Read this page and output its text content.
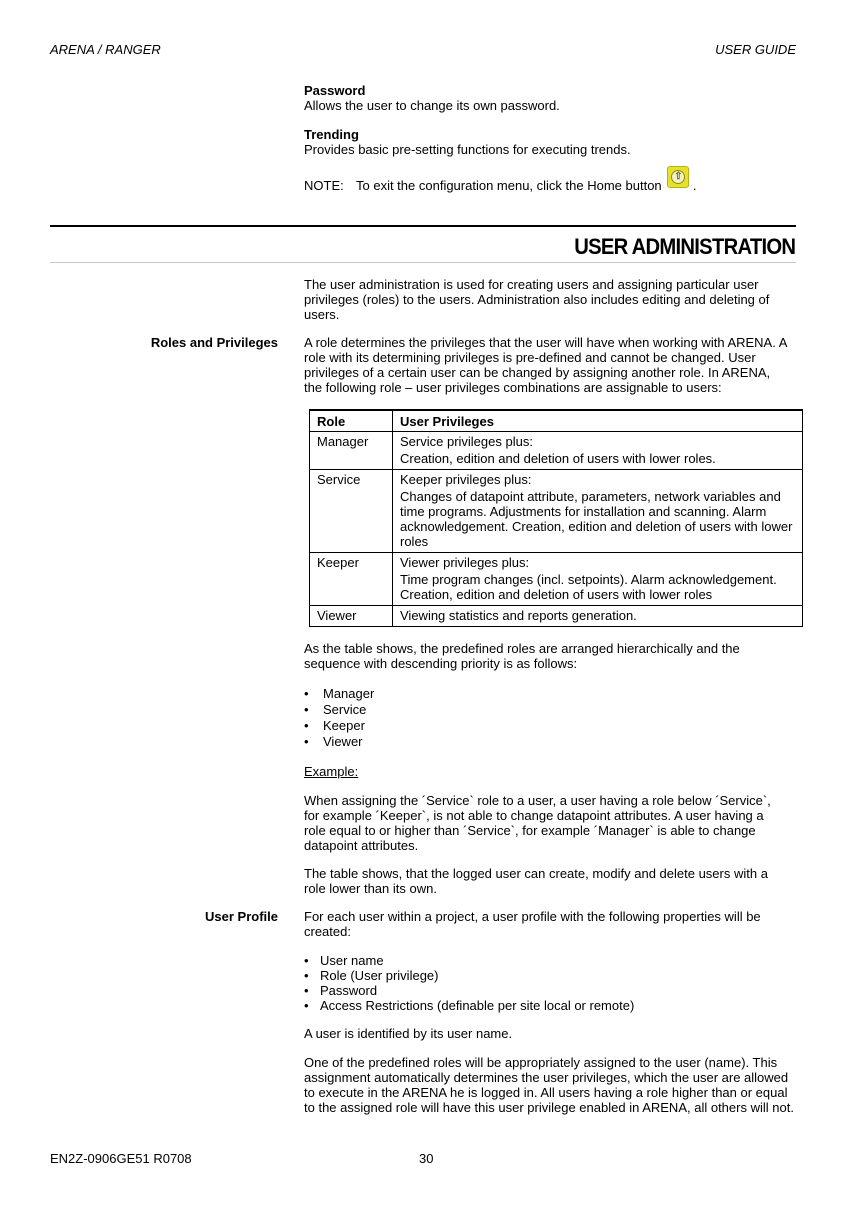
ARENA / RANGER	USER GUIDE

Password

Allows the user to change its own password.

Trending

Provides basic pre-setting functions for executing trends.

NOTE: To exit the configuration menu, click the Home button
⇧
.
USER ADMINISTRATION

The user administration is used for creating users and assigning particular user privileges (roles) to the users. Administration also includes editing and deleting of users.

Roles and Privileges A role determines the privileges that the user will have when working with ARENA. A role with its determining privileges is pre-defined and cannot be changed. User privileges of a certain user can be changed by assigning another role. In ARENA, the following role – user privileges combinations are assignable to users:

Role	User Privileges
Manager	Service privileges plus:

Creation, edition and deletion of users with lower roles.

Service	Keeper privileges plus:

Changes of datapoint attribute, parameters, network variables and time programs. Adjustments for installation and scanning. Alarm acknowledgement. Creation, edition and deletion of users with lower roles

Keeper	Viewer privileges plus:

Time program changes (incl. setpoints). Alarm acknowledgement. Creation, edition and deletion of users with lower roles

Viewer	Viewing statistics and reports generation.

As the table shows, the predefined roles are arranged hierarchically and the sequence with descending priority is as follows:

• Manager
• Service
• Keeper
• Viewer

Example:

When assigning the ´Service` role to a user, a user having a role below ´Service`, for example ´Keeper`, is not able to change datapoint attributes. A user having a role equal to or higher than ´Service`, for example ´Manager` is able to change datapoint attributes.

The table shows, that the logged user can create, modify and delete users with a role lower than its own.

User Profile For each user within a project, a user profile with the following properties will be created:

• User name
• Role (User privilege)
• Password
• Access Restrictions (definable per site local or remote)

A user is identified by its user name.

One of the predefined roles will be appropriately assigned to the user (name). This assignment automatically determines the user privileges, which the user are allowed to execute in the ARENA he is logged in. All users having a role higher than or equal to the assigned role will have this user privilege enabled in ARENA, all others will not.

EN2Z-0906GE51 R0708	30
